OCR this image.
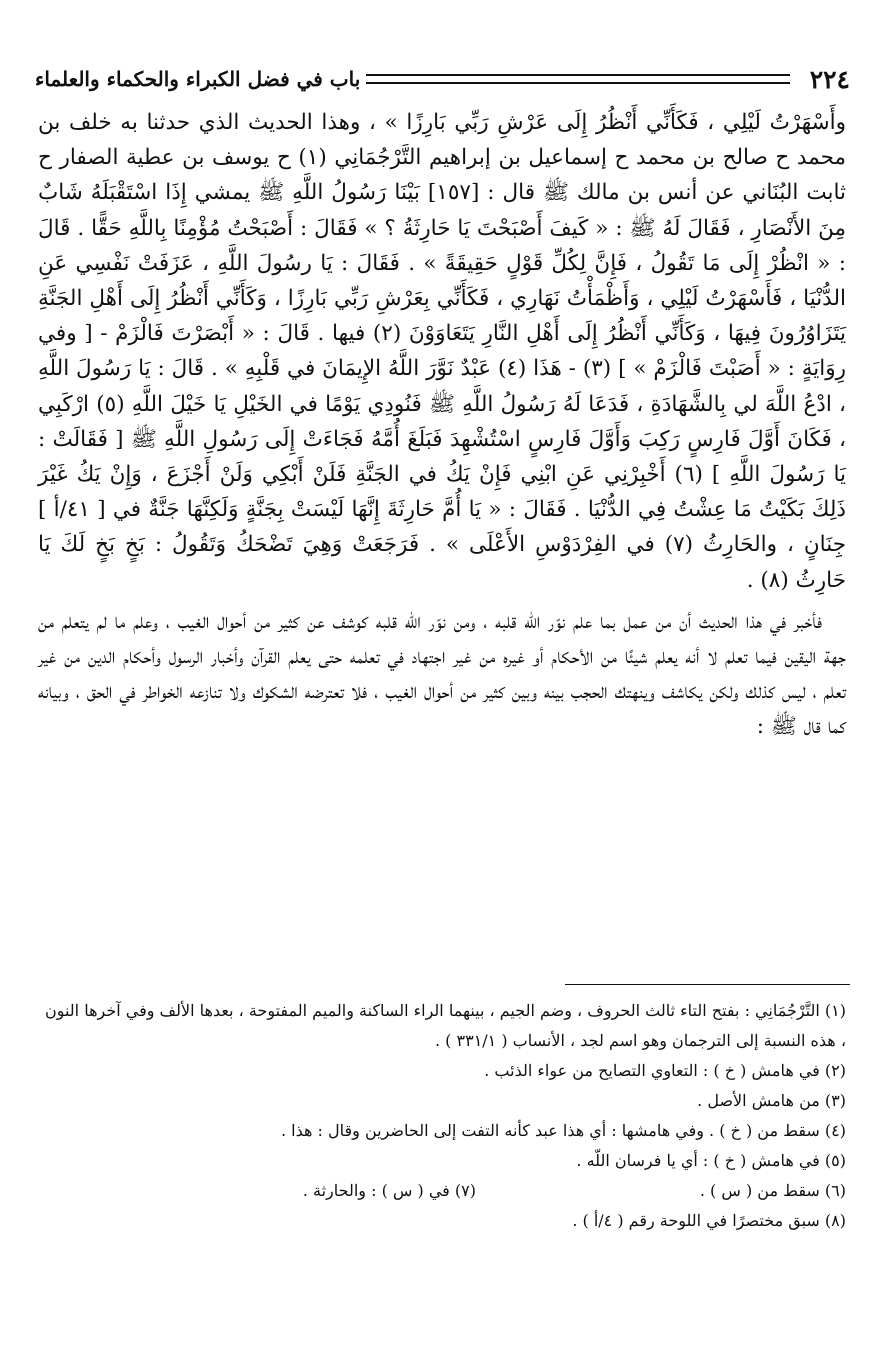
٢٢٤
باب في فضل الكبراء والحكماء والعلماء

وأَسْهَرْتُ لَيْلِي ، فَكَأَنِّي أَنْظُرُ إِلَى عَرْشِ رَبِّي بَارِزًا » ، وهذا الحديث الذي حدثنا به خلف بن محمد ح صالح بن محمد ح إسماعيل بن إبراهيم التَّرْجُمَانِي (١) ح يوسف بن عطية الصفار ح ثابت البُنَاني عن أنس بن مالك ﷺ قال : [١٥٧] بَيْنَا رَسُولُ اللَّهِ ﷺ يمشي إِذَا اسْتَقْبَلَهُ شَابٌ مِنَ الأَنْصَارِ ، فَقَالَ لَهُ ﷺ : « كَيفَ أَصْبَحْتَ يَا حَارِثَةُ ؟ » فَقَالَ : أَصْبَحْتُ مُؤْمِنًا بِاللَّهِ حَقًّا . قَالَ : « انْظُرْ إِلَى مَا تَقُولُ ، فَإِنَّ لِكُلِّ قَوْلٍ حَقِيقَةً » . فَقَالَ : يَا رسُولَ اللَّهِ ، عَزَفَتْ نَفْسِي عَنِ الدُّنْيَا ، فَأَسْهَرْتُ لَيْلِي ، وَأَظْمَأْتُ نَهَارِي ، فَكَأَنِّي بِعَرْشِ رَبِّي بَارِزًا ، وَكَأَنِّي أَنْظُرُ إِلَى أَهْلِ الجَنَّةِ يَتَزَاوُرُونَ فِيهَا ، وَكَأَنِّي أَنْظُرُ إِلَى أَهْلِ النَّارِ يَتَعَاوَوْنَ (٢) فيها . قَالَ : « أَبْصَرْتَ فَالْزَمْ - [ وفي رِوَايَةٍ : « أَصَبْتَ فَالْزَمْ » ] (٣) - هَذَا (٤) عَبْدٌ نَوَّرَ اللَّهُ الإِيمَانَ في قَلْبِهِ » . قَالَ : يَا رَسُولَ اللَّهِ ، ادْعُ اللَّهَ لي بِالشَّهَادَةِ ، فَدَعَا لَهُ رَسُولُ اللَّهِ ﷺ فَنُودِي يَوْمًا في الخَيْلِ يَا خَيْلَ اللَّهِ (٥) ارْكَبِي ، فَكَانَ أَوَّلَ فَارِسٍ رَكِبَ وَأَوَّلَ فَارِسٍ اسْتُشْهِدَ فَبَلَغَ أُمَّهُ فَجَاءَتْ إِلَى رَسُولِ اللَّهِ ﷺ [ فَقَالَتْ : يَا رَسُولَ اللَّهِ ] (٦) أَخْبِرْنِي عَنِ ابْنِي فَإِنْ يَكُ في الجَنَّةِ فَلَنْ أَبْكِي وَلَنْ أَجْزَعَ ، وَإِنْ يَكُ غَيْرَ ذَلِكَ بَكَيْتُ مَا عِشْتُ فِي الدُّنْيَا . فَقَالَ : « يَا أُمَّ حَارِثَةَ إِنَّهَا لَيْسَتْ بِجَنَّةٍ وَلَكِنَّهَا جَنَّةٌ في [ ٤١/أ ] جِنَانٍ ، والحَارِثُ (٧) في الفِرْدَوْسِ الأَعْلَى » . فَرَجَعَتْ وَهِيَ تَضْحَكُ وَتَقُولُ : بَخٍ بَخٍ لَكَ يَا حَارِثُ (٨) .

فأخبر في هذا الحديث أن من عمل بما علم نوّر اللّه قلبه ، ومن نوّر اللّه قلبه كوشف عن كثير من أحوال الغيب ، وعلم ما لم يتعلم من جهة اليقين فيما تعلم لا أنه يعلم شيئًا من الأحكام أو غيره من غير اجتهاد في تعلمه حتى يعلم القرآن وأخبار الرسول وأحكام الدين من غير تعلم ، ليس كذلك ولكن يكاشف وينهتك الحجب بينه وبين كثير من أحوال الغيب ، فلا تعترضه الشكوك ولا تنازعه الخواطر في الحق ، وبيانه كما قال ﷺ :

(١) التَّرْجُمَانِي : بفتح التاء ثالث الحروف ، وضم الجيم ، بينهما الراء الساكنة والميم المفتوحة ، بعدها الألف وفي آخرها النون ، هذه النسبة إلى الترجمان وهو اسم لجد ، الأنساب ( ٣٣١/١ ) .

(٢) في هامش ( خ ) : التعاوي التصايح من عواء الذئب .

(٣) من هامش الأصل .

(٤) سقط من ( خ ) . وفي هامشها : أي هذا عبد كأنه التفت إلى الحاضرين وقال : هذا .

(٥) في هامش ( خ ) : أي يا فرسان اللّه .

(٦) سقط من ( س ) .

(٧) في ( س ) : والحارثة .

(٨) سبق مختصرًا في اللوحة رقم ( ٤/أ ) .
